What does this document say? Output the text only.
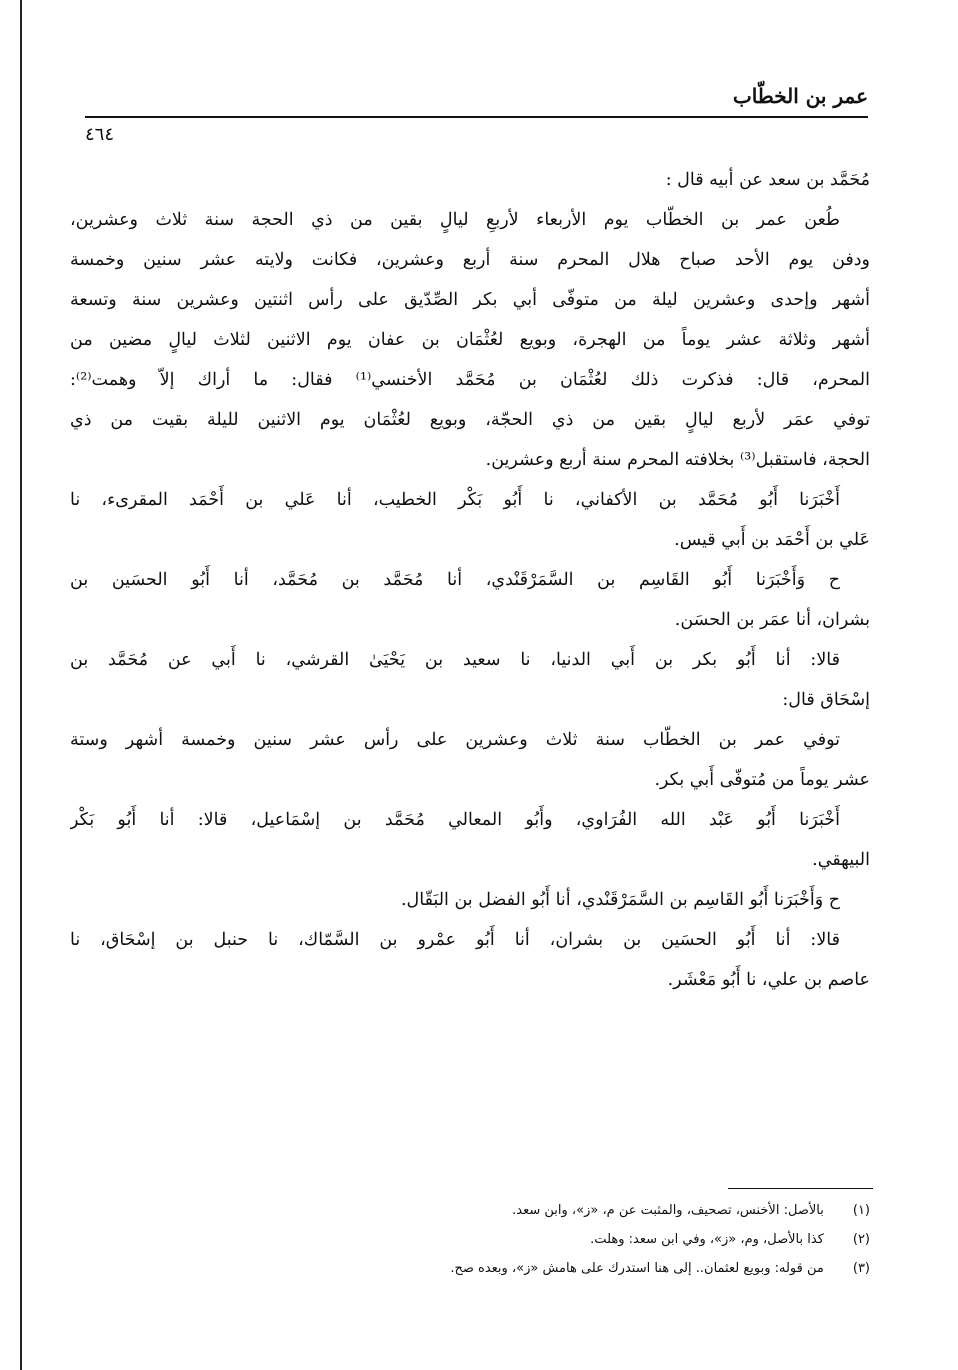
عمر بن الخطّاب
٤٦٤
مُحَمَّد بن سعد عن أبيه قال :
طُعن عمر بن الخطّاب يوم الأربعاء لأربعِ ليالٍ بقين من ذي الحجة سنة ثلاث وعشرين،
ودفن يوم الأحد صباح هلال المحرم سنة أربع وعشرين، فكانت ولايته عشر سنين وخمسة
أشهر وإحدى وعشرين ليلة من متوفّى أبي بكر الصِّدّيق على رأس اثنتين وعشرين سنة وتسعة
أشهر وثلاثة عشر يوماً من الهجرة، وبويع لعُثْمَان بن عفان يوم الاثنين لثلاث ليالٍ مضين من
المحرم، قال: فذكرت ذلك لعُثْمَان بن مُحَمَّد الأخنسي⁽¹⁾ فقال: ما أراك إلاّ وهمت⁽²⁾:
توفي عمَر لأربع ليالٍ بقين من ذي الحجّة، وبويع لعُثْمَان يوم الاثنين لليلة بقيت من ذي
الحجة، فاستقبل⁽³⁾ بخلافته المحرم سنة أربع وعشرين.
أَخْبَرَنا أَبُو مُحَمَّد بن الأكفاني، نا أَبُو بَكْر الخطيب، أنا عَلي بن أَحْمَد المقرىء، نا
عَلي بن أَحْمَد بن أَبي قيس.
ح وَأَخْبَرَنا أَبُو القَاسِم بن السَّمَرْقَنْدي، أنا مُحَمَّد بن مُحَمَّد، أنا أَبُو الحسَين بن
بشران، أنا عمَر بن الحسَن.
قالا: أنا أَبُو بكر بن أَبي الدنيا، نا سعيد بن يَحْيَىٰ القرشي، نا أَبي عن مُحَمَّد بن
إسْحَاق قال:
توفي عمر بن الخطّاب سنة ثلاث وعشرين على رأس عشر سنين وخمسة أشهر وستة
عشر يوماً من مُتوفّى أَبي بكر.
أَخْبَرَنا أَبُو عَبْد الله الفُرَاوي، وأَبُو المعالي مُحَمَّد بن إسْمَاعيل، قالا: أنا أَبُو بَكْر
البيهقي.
ح وَأَخْبَرَنا أَبُو القَاسِم بن السَّمَرْقَنْدي، أنا أَبُو الفضل بن البَقّال.
قالا: أنا أَبُو الحسَين بن بشران، أنا أَبُو عمْرو بن السَّمّاك، نا حنبل بن إسْحَاق، نا
عاصم بن علي، نا أَبُو مَعْشَر.
(١) بالأصل: الأخنس، تصحيف، والمثبت عن م، «ز»، وابن سعد.
(٢) كذا بالأصل، وم، «ز»، وفي ابن سعد: وهلت.
(٣) من قوله: وبويع لعثمان.. إلى هنا استدرك على هامش «ز»، وبعده صح.
